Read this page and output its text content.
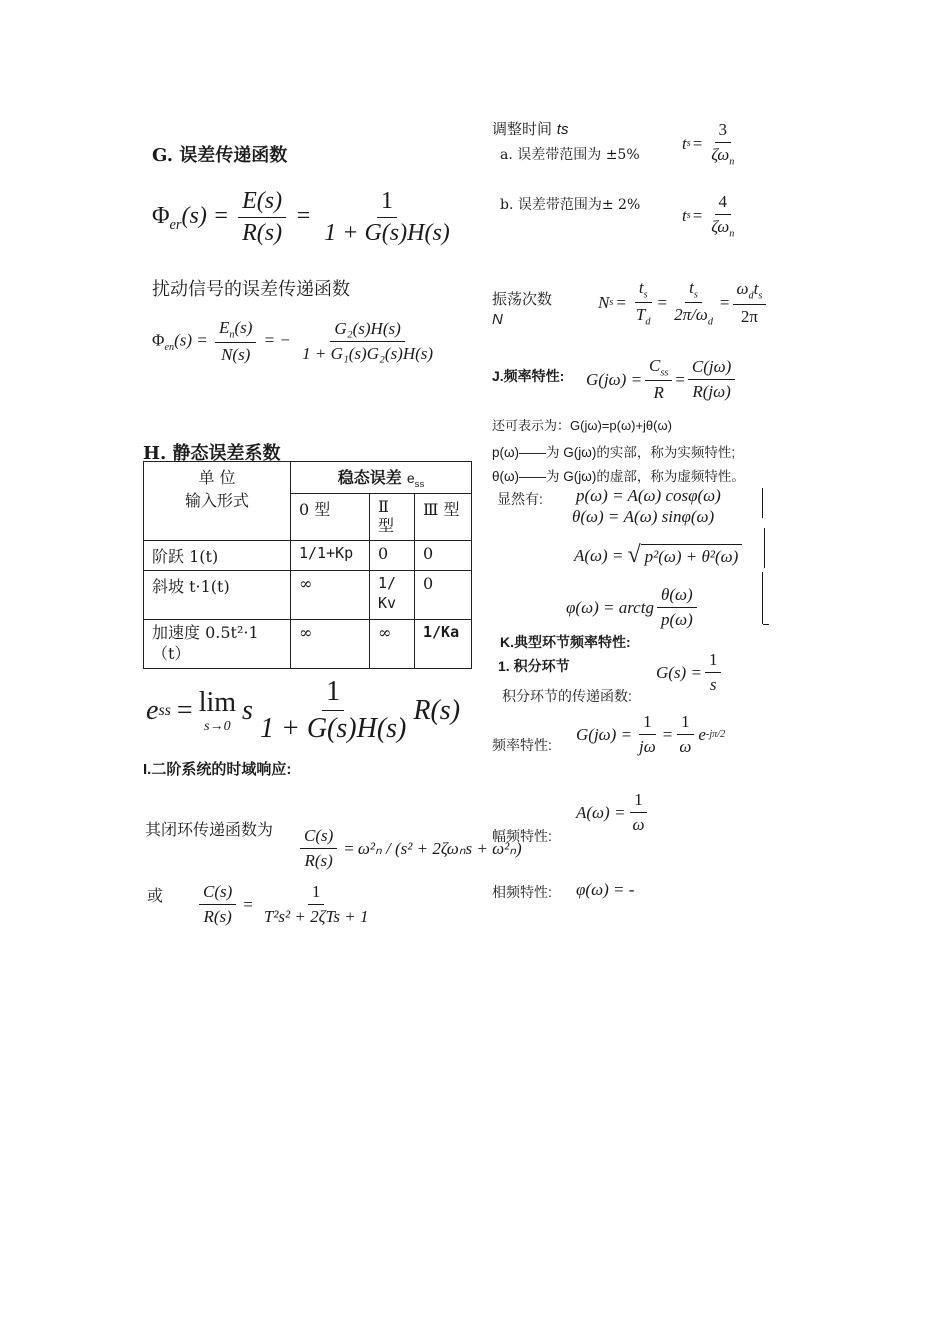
G. 误差传递函数
$\Phi_{er}(s) = \frac{E(s)}{R(s)} = \frac{1}{1 + G(s)H(s)}$
扰动信号的误差传递函数
$\Phi_{en}(s) = \frac{E_n(s)}{N(s)}$ = − $\frac{\text{G₂(s)H(s)}}{\text{1 + G₁(s)G₂(s)H(s)}}$
H. 静态误差系数
单 位
输入形式	稳态误差 $e_{ss}$
	0 型	Ⅱ
型	Ⅲ 型
阶跃 1(t)	1/1+Kp	0	0
斜坡 t·1(t)	∞	1/
Kv	0
加速度 0.5t²·1
（t）	∞	∞	1/Ka
e ss = lim
s→0
s $\frac{1}{1 + G(s)H(s)} R(s)$
I.二阶系统的时域响应:
其闭环传递函数为 $\frac{C(s)}{R(s)} = \omega^2_n / (s^2 + 2\zeta\omega_ns + \omega^2_n)$
或 $\frac{C(s)}{R(s)} = \frac{1}{\text{T²s² + 2ζTs + 1}}$
调整时间 ts
a. 误差带范围为 ±5%
t $s = \frac{3}{\zeta\omega_n}$
b. 误差带范围为± 2%
t $s = \frac{4}{\zeta\omega_n}$
振荡次数
N
N $s = \frac{t_s}{T_d} = \frac{t_s}{2\pi/\omega_d} = \frac{\omega_dt_s}{2\pi}$
J.频率特性: $G(j\omega) = \frac{C_{ss}}{R} = \frac{C(j\omega)}{R(j\omega)}$
还可表示为：G(jω)=p(ω)+jθ(ω)
p(ω)——为 G(jω)的实部，称为实频特性;
θ(ω)——为 G(jω)的虚部，称为虚频特性。
显然有: p(ω) = A(ω) cosφ(ω)
θ(ω) = A(ω) sinφ(ω)
A(ω) = √ p²(ω) + θ²(ω)
φ(ω) = arctg $\frac{\theta(\omega)}{p(\omega)}$
K.典型环节频率特性:
1. 积分环节	$G(s) = \frac{1}{s}$
积分环节的传递函数:
频率特性:
$G(j\omega) = \frac{1}{j\omega} = \frac{1}{\omega}$ e -jπ/2
幅频特性:
$A(\omega) = \frac{1}{\omega}$
相频特性: φ(ω) = -
